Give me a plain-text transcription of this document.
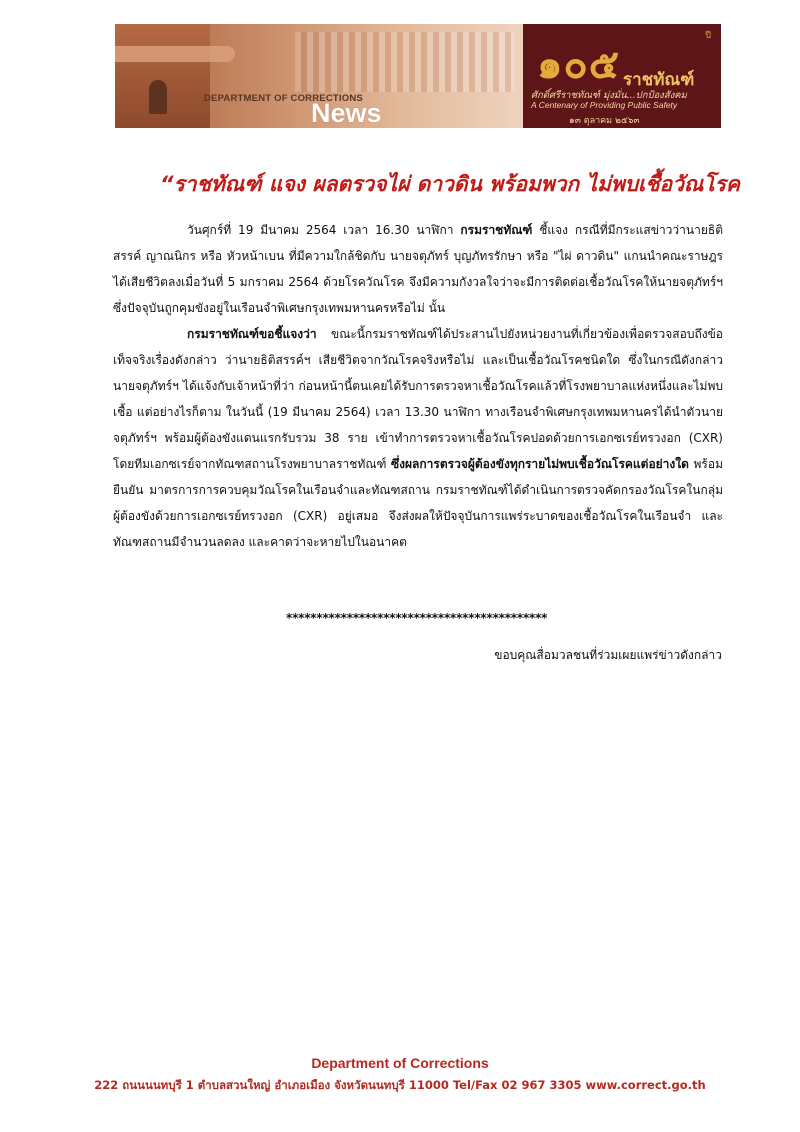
DEPARTMENT OF CORRECTIONS
News
๑๐๕
ปี
ราชทัณฑ์
ศักดิ์ศรีราชทัณฑ์ มุ่งมั่น...ปกป้องสังคม
A Centenary of Providing Public Safety
๑๓ ตุลาคม ๒๕๖๓
“ราชทัณฑ์ แจง ผลตรวจไผ่ ดาวดิน พร้อมพวก ไม่พบเชื้อวัณโรค

วันศุกร์ที่ 19 มีนาคม 2564 เวลา 16.30 นาฬิกา กรมราชทัณฑ์ ชี้แจง กรณีที่มีกระแสข่าวว่านายธิติสรรค์ ญาณนิกร หรือ หัวหน้าเบน ที่มีความใกล้ชิดกับ นายจตุภัทร์ บุญภัทรรักษา หรือ "ไผ่ ดาวดิน" แกนนำคณะราษฎร ได้เสียชีวิตลงเมื่อวันที่ 5 มกราคม 2564 ด้วยโรควัณโรค จึงมีความกังวลใจว่าจะมีการติดต่อเชื้อวัณโรคให้นายจตุภัทร์ฯ ซึ่งปัจจุบันถูกคุมขังอยู่ในเรือนจำพิเศษกรุงเทพมหานครหรือไม่ นั้น

กรมราชทัณฑ์ขอชี้แจงว่า ขณะนี้กรมราชทัณฑ์ได้ประสานไปยังหน่วยงานที่เกี่ยวข้องเพื่อตรวจสอบถึงข้อเท็จจริงเรื่องดังกล่าว ว่านายธิติสรรค์ฯ เสียชีวิตจากวัณโรคจริงหรือไม่ และเป็นเชื้อวัณโรคชนิดใด ซึ่งในกรณีดังกล่าว นายจตุภัทร์ฯ ได้แจ้งกับเจ้าหน้าที่ว่า ก่อนหน้านี้ตนเคยได้รับการตรวจหาเชื้อวัณโรคแล้วที่โรงพยาบาลแห่งหนึ่งและไม่พบเชื้อ แต่อย่างไรก็ตาม ในวันนี้ (19 มีนาคม 2564) เวลา 13.30 นาฬิกา ทางเรือนจำพิเศษกรุงเทพมหานครได้นำตัวนายจตุภัทร์ฯ พร้อมผู้ต้องขังแดนแรกรับรวม 38 ราย เข้าทำการตรวจหาเชื้อวัณโรคปอดด้วยการเอกซเรย์ทรวงอก (CXR) โดยทีมเอกซเรย์จากทัณฑสถานโรงพยาบาลราชทัณฑ์ ซึ่งผลการตรวจผู้ต้องขังทุกรายไม่พบเชื้อวัณโรคแต่อย่างใด พร้อมยืนยัน มาตรการการควบคุมวัณโรคในเรือนจำและทัณฑสถาน กรมราชทัณฑ์ได้ดำเนินการตรวจคัดกรองวัณโรคในกลุ่มผู้ต้องขังด้วยการเอกซเรย์ทรวงอก (CXR) อยู่เสมอ จึงส่งผลให้ปัจจุบันการแพร่ระบาดของเชื้อวัณโรคในเรือนจำ และทัณฑสถานมีจำนวนลดลง และคาดว่าจะหายไปในอนาคต

*******************************************
ขอบคุณสื่อมวลชนที่ร่วมเผยแพร่ข่าวดังกล่าว
Department of Corrections
222 ถนนนนทบุรี 1 ตำบลสวนใหญ่ อำเภอเมือง จังหวัดนนทบุรี 11000 Tel/Fax 02 967 3305 www.correct.go.th
